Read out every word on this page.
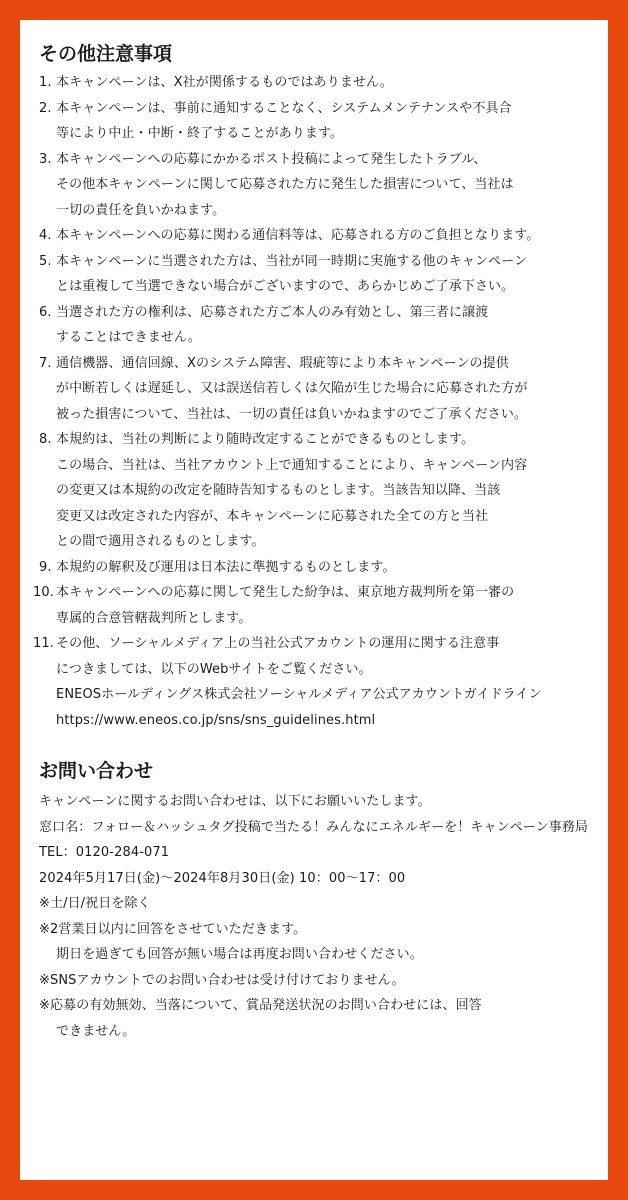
その他注意事項
1. 本キャンペーンは、X社が関係するものではありません。
2. 本キャンペーンは、事前に通知することなく、システムメンテナンスや不具合
等により中止・中断・終了することがあります。
3. 本キャンペーンへの応募にかかるポスト投稿によって発生したトラブル、
その他本キャンペーンに関して応募された方に発生した損害について、当社は
一切の責任を負いかねます。
4. 本キャンペーンへの応募に関わる通信料等は、応募される方のご負担となります。
5. 本キャンペーンに当選された方は、当社が同一時期に実施する他のキャンペーン
とは重複して当選できない場合がございますので、あらかじめご了承下さい。
6. 当選された方の権利は、応募された方ご本人のみ有効とし、第三者に譲渡
することはできません。
7. 通信機器、通信回線、Xのシステム障害、瑕疵等により本キャンペーンの提供
が中断若しくは遅延し、又は誤送信若しくは欠陥が生じた場合に応募された方が
被った損害について、当社は、一切の責任は負いかねますのでご了承ください。
8. 本規約は、当社の判断により随時改定することができるものとします。
この場合、当社は、当社アカウント上で通知することにより、キャンペーン内容
の変更又は本規約の改定を随時告知するものとします。当該告知以降、当該
変更又は改定された内容が、本キャンペーンに応募された全ての方と当社
との間で適用されるものとします。
9. 本規約の解釈及び運用は日本法に準拠するものとします。
10. 本キャンペーンへの応募に関して発生した紛争は、東京地方裁判所を第一審の
専属的合意管轄裁判所とします。
11. その他、ソーシャルメディア上の当社公式アカウントの運用に関する注意事
につきましては、以下のWebサイトをご覧ください。
ENEOSホールディングス株式会社ソーシャルメディア公式アカウントガイドライン
https://www.eneos.co.jp/sns/sns_guidelines.html
お問い合わせ
キャンペーンに関するお問い合わせは、以下にお願いいたします。
窓口名：フォロー＆ハッシュタグ投稿で当たる！みんなにエネルギーを！キャンペーン事務局
TEL：0120-284-071
2024年5月17日(金)〜2024年8月30日(金) 10：00〜17：00
※土/日/祝日を除く
※2営業日以内に回答をさせていただきます。
期日を過ぎても回答が無い場合は再度お問い合わせください。
※SNSアカウントでのお問い合わせは受け付けておりません。
※応募の有効無効、当落について、賞品発送状況のお問い合わせには、回答
できません。
